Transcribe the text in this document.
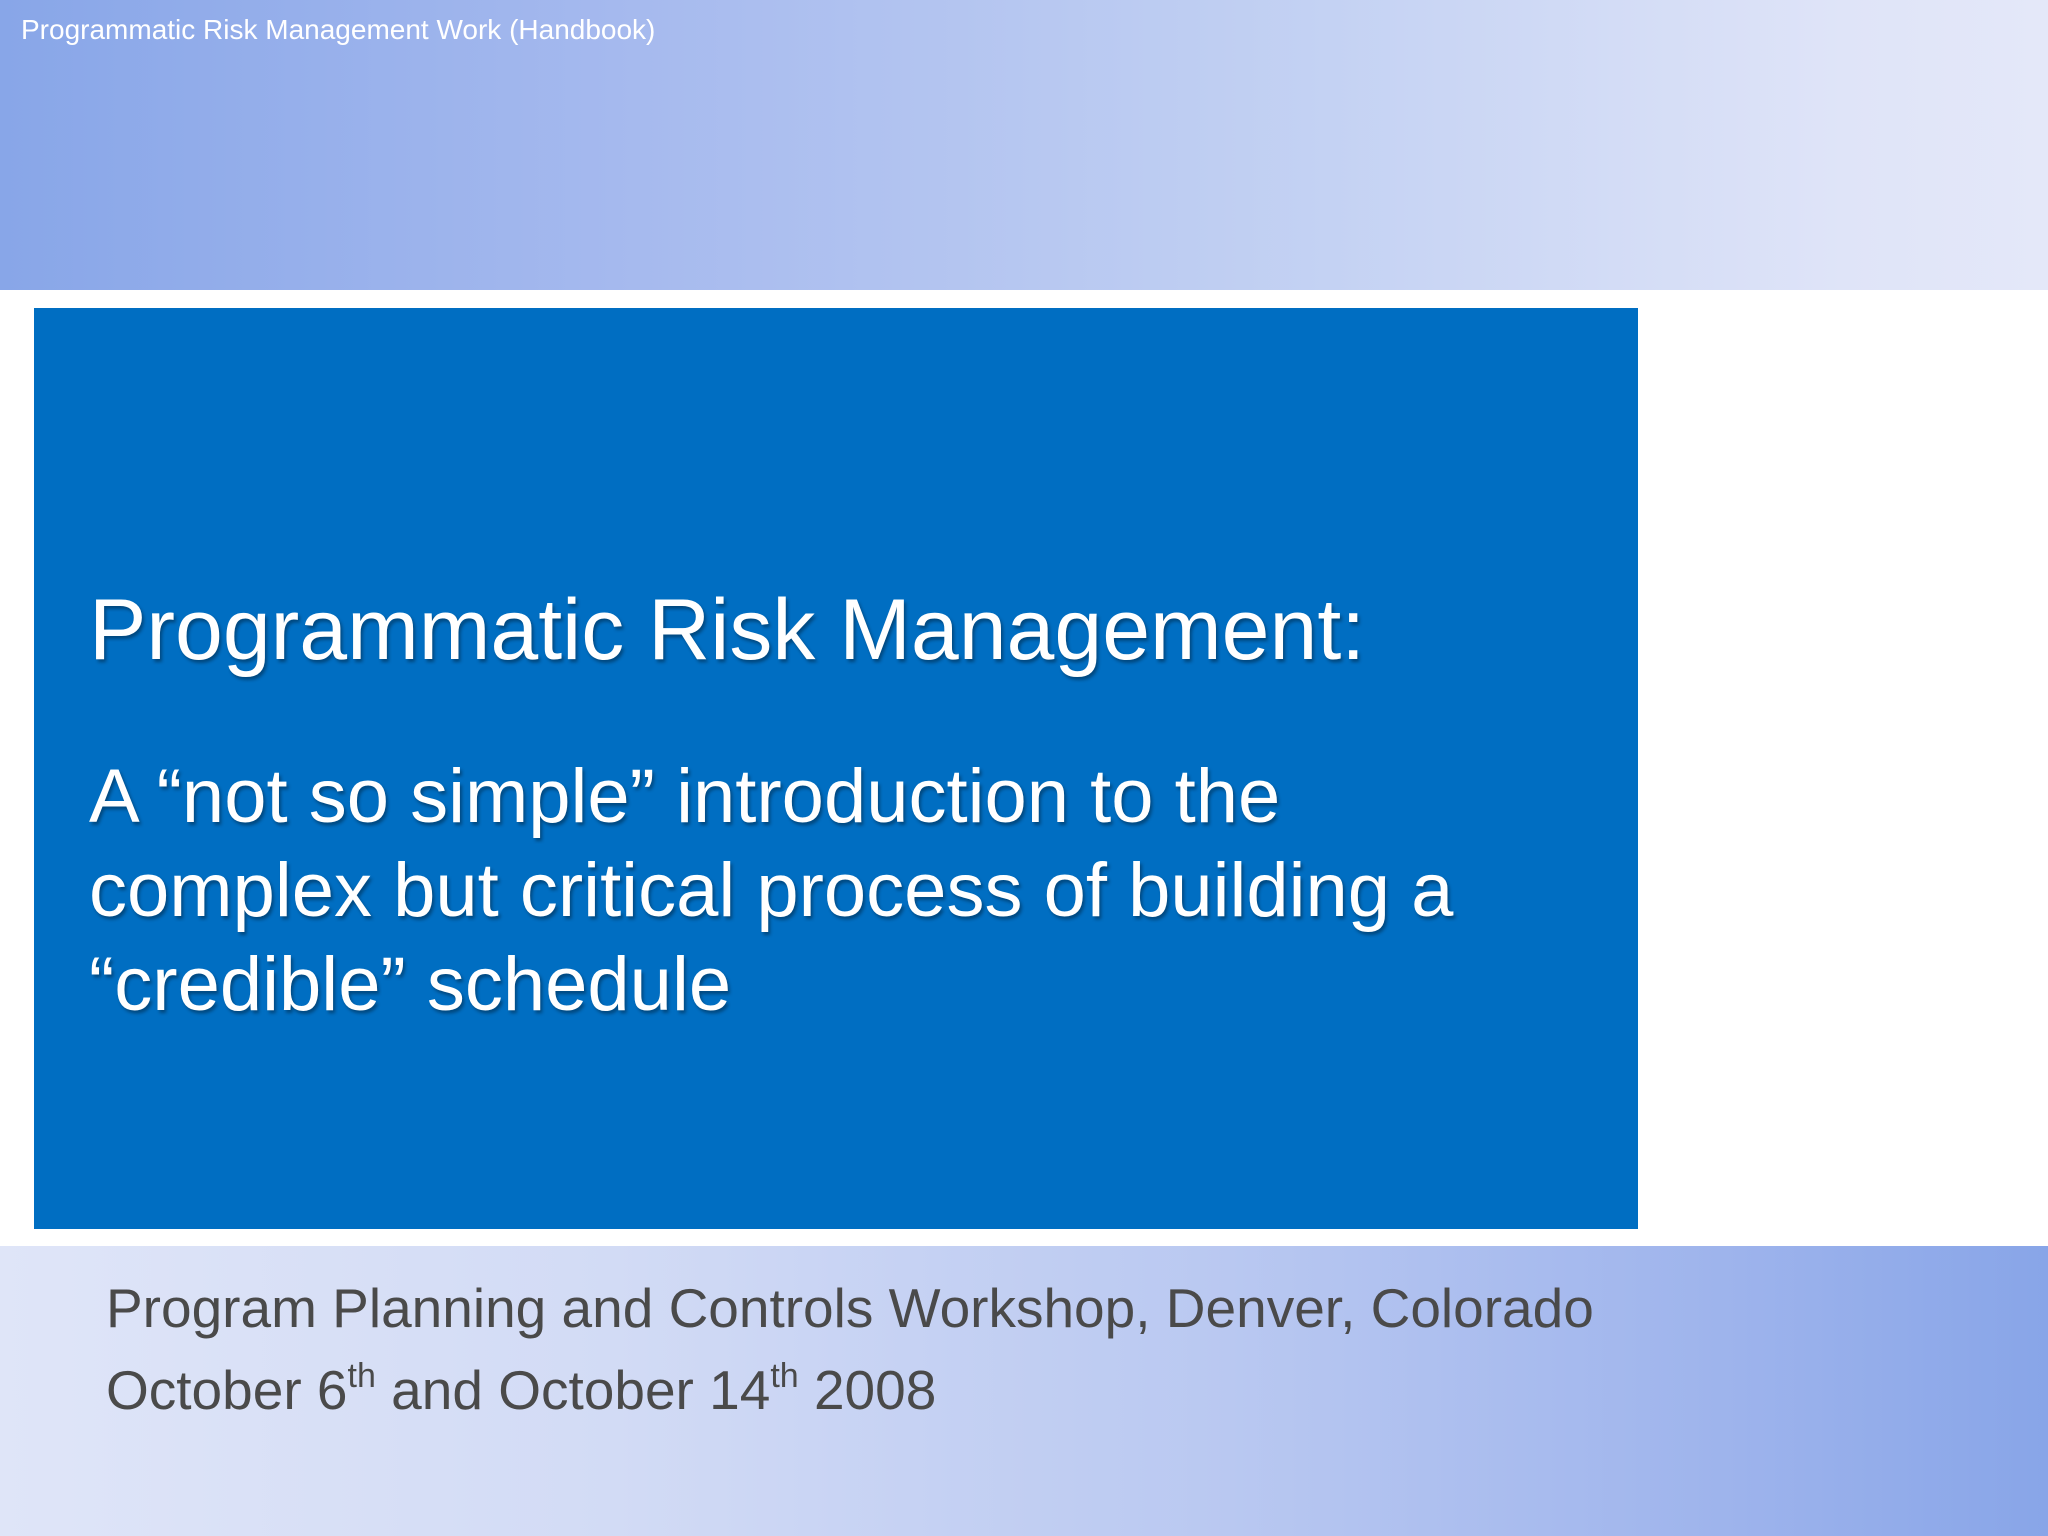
Programmatic Risk Management Work (Handbook)
Programmatic Risk Management:
A “not so simple” introduction to the
complex but critical process of building a
“credible” schedule
Program Planning and Controls Workshop, Denver, Colorado
October 6th and October 14th 2008
